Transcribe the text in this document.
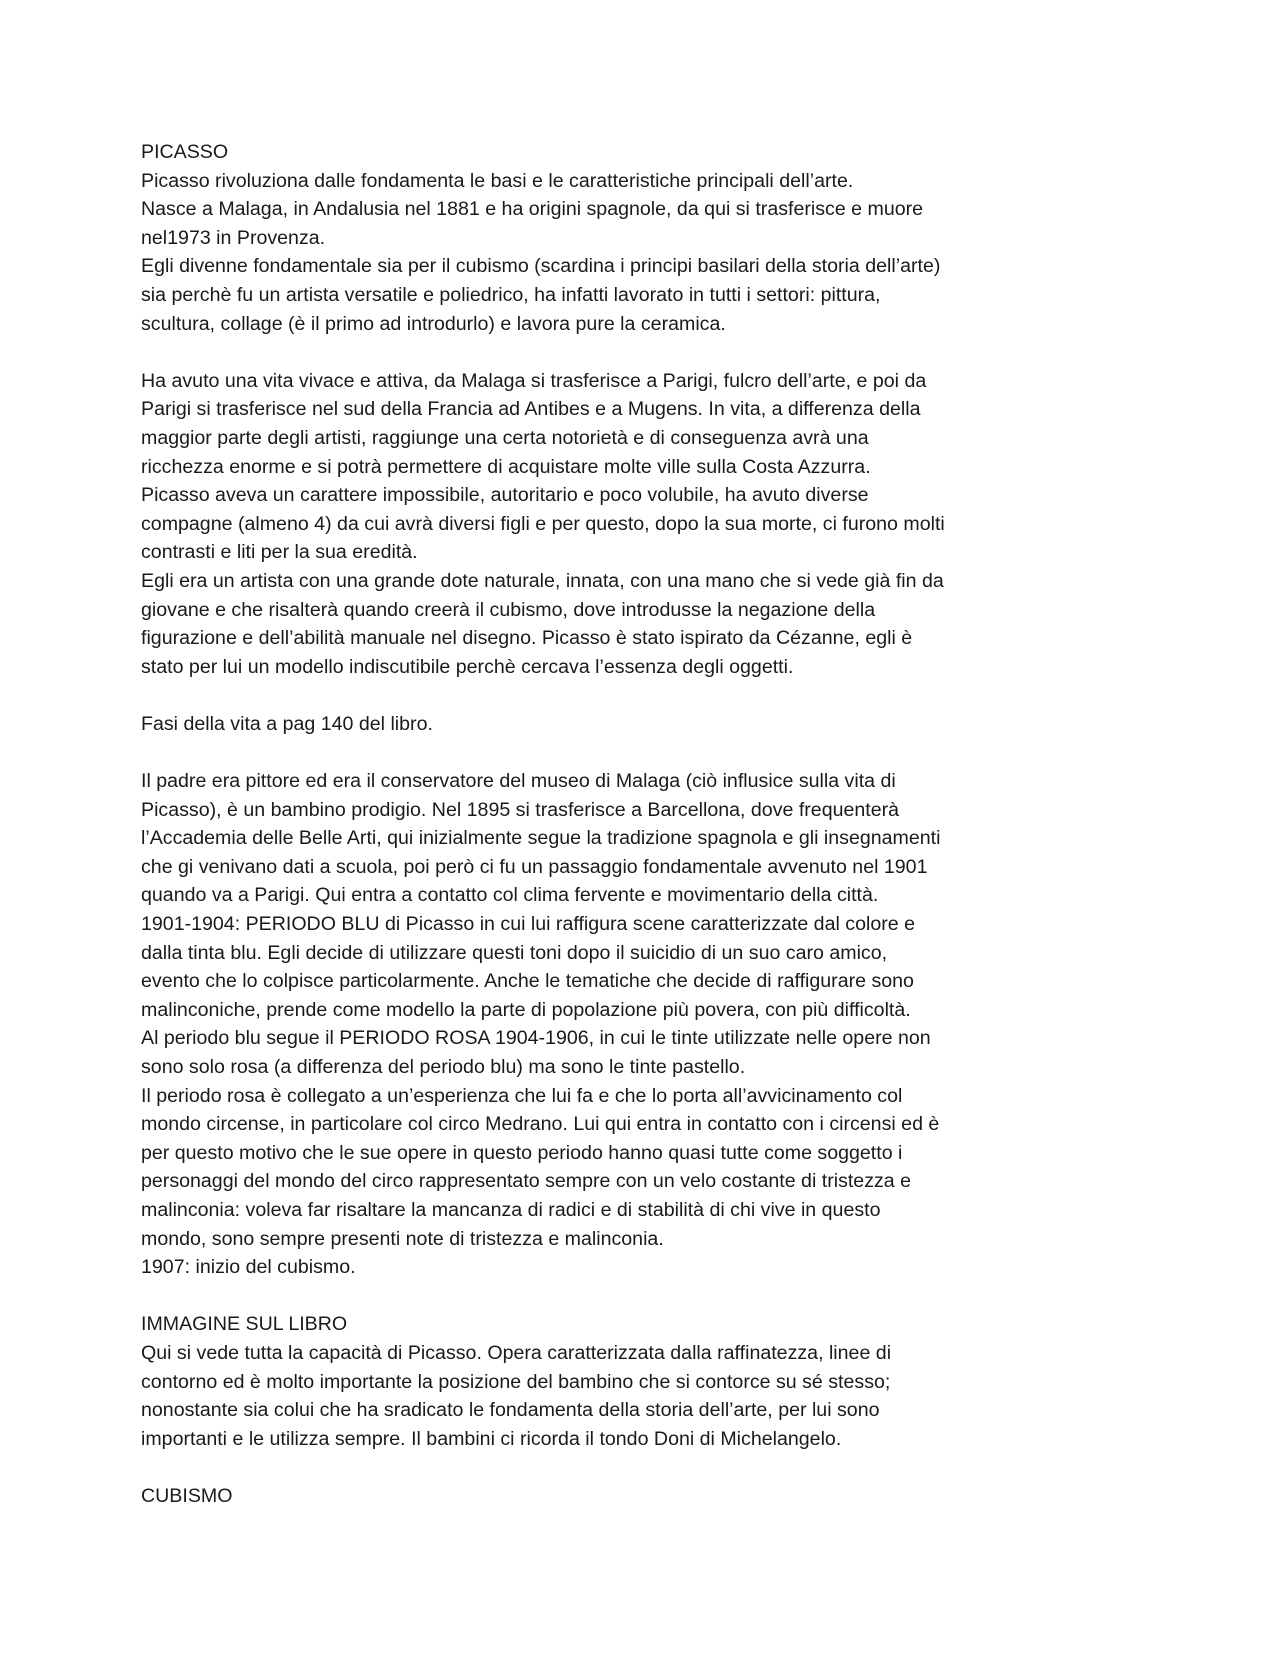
PICASSO
Picasso rivoluziona dalle fondamenta le basi e le caratteristiche principali dell’arte.
Nasce a Malaga, in Andalusia nel 1881 e ha origini spagnole, da qui si trasferisce e muore
nel1973 in Provenza.
Egli divenne fondamentale sia per il cubismo (scardina i principi basilari della storia dell’arte)
sia perchè fu un artista versatile e poliedrico, ha infatti lavorato in tutti i settori: pittura,
scultura, collage (è il primo ad introdurlo) e lavora pure la ceramica.
Ha avuto una vita vivace e attiva, da Malaga si trasferisce a Parigi, fulcro dell’arte, e poi da
Parigi si trasferisce nel sud della Francia ad Antibes e a Mugens. In vita, a differenza della
maggior parte degli artisti, raggiunge una certa notorietà e di conseguenza avrà una
ricchezza enorme e si potrà permettere di acquistare molte ville sulla Costa Azzurra.
Picasso aveva un carattere impossibile, autoritario e poco volubile, ha avuto diverse
compagne (almeno 4) da cui avrà diversi figli e per questo, dopo la sua morte, ci furono molti
contrasti e liti per la sua eredità.
Egli era un artista con una grande dote naturale, innata, con una mano che si vede già fin da
giovane e che risalterà quando creerà il cubismo, dove introdusse la negazione della
figurazione e dell’abilità manuale nel disegno. Picasso è stato ispirato da Cézanne, egli è
stato per lui un modello indiscutibile perchè cercava l’essenza degli oggetti.
Fasi della vita a pag 140 del libro.
Il padre era pittore ed era il conservatore del museo di Malaga (ciò influsice sulla vita di
Picasso), è un bambino prodigio. Nel 1895 si trasferisce a Barcellona, dove frequenterà
l’Accademia delle Belle Arti, qui inizialmente segue la tradizione spagnola e gli insegnamenti
che gi venivano dati a scuola, poi però ci fu un passaggio fondamentale avvenuto nel 1901
quando va a Parigi. Qui entra a contatto col clima fervente e movimentario della città.
1901-1904: PERIODO BLU di Picasso in cui lui raffigura scene caratterizzate dal colore e
dalla tinta blu. Egli decide di utilizzare questi toni dopo il suicidio di un suo caro amico,
evento che lo colpisce particolarmente. Anche le tematiche che decide di raffigurare sono
malinconiche, prende come modello la parte di popolazione più povera, con più difficoltà.
Al periodo blu segue il PERIODO ROSA 1904-1906, in cui le tinte utilizzate nelle opere non
sono solo rosa (a differenza del periodo blu) ma sono le tinte pastello.
Il periodo rosa è collegato a un’esperienza che lui fa e che lo porta all’avvicinamento col
mondo circense, in particolare col circo Medrano. Lui qui entra in contatto con i circensi ed è
per questo motivo che le sue opere in questo periodo hanno quasi tutte come soggetto i
personaggi del mondo del circo rappresentato sempre con un velo costante di tristezza e
malinconia: voleva far risaltare la mancanza di radici e di stabilità di chi vive in questo
mondo, sono sempre presenti note di tristezza e malinconia.
1907: inizio del cubismo.
IMMAGINE SUL LIBRO
Qui si vede tutta la capacità di Picasso. Opera caratterizzata dalla raffinatezza, linee di
contorno ed è molto importante la posizione del bambino che si contorce su sé stesso;
nonostante sia colui che ha sradicato le fondamenta della storia dell’arte, per lui sono
importanti e le utilizza sempre. Il bambini ci ricorda il tondo Doni di Michelangelo.
CUBISMO
